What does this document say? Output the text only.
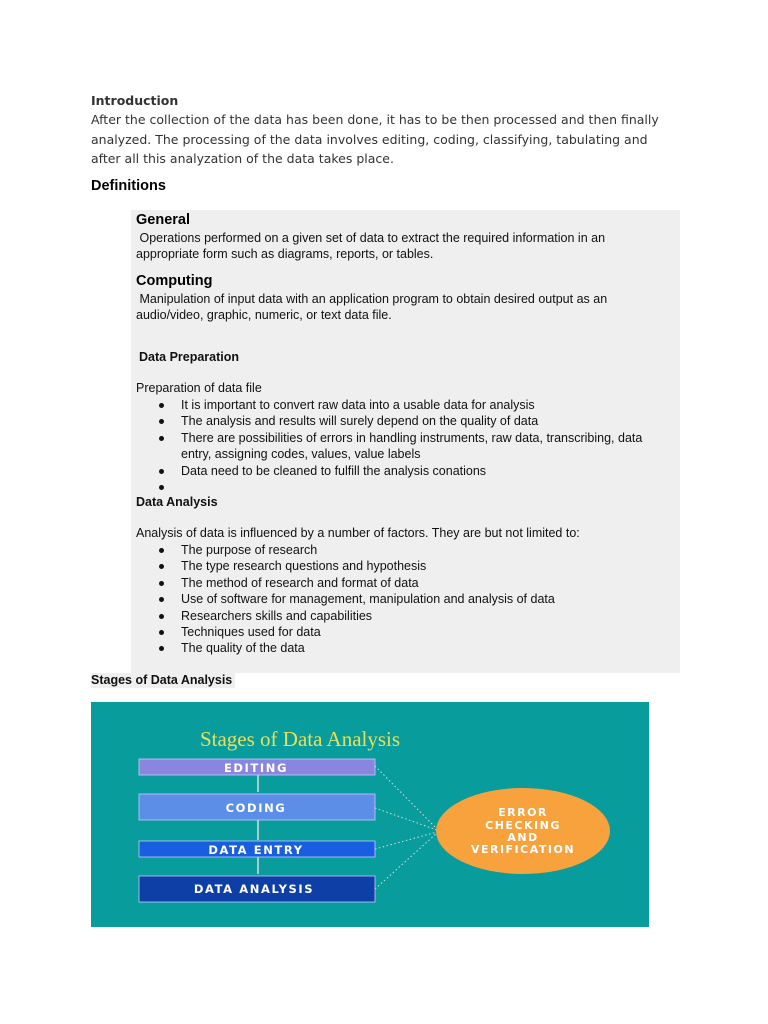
Introduction
After the collection of the data has been done, it has to be then processed and then finally
analyzed. The processing of the data involves editing, coding, classifying, tabulating and
after all this analyzation of the data takes place.
Definitions
General
Operations performed on a given set of data to extract the required information in an
appropriate form such as diagrams, reports, or tables.
Computing
Manipulation of input data with an application program to obtain desired output as an
audio/video, graphic, numeric, or text data file.
Data Preparation
Preparation of data file
It is important to convert raw data into a usable data for analysis
The analysis and results will surely depend on the quality of data
There are possibilities of errors in handling instruments, raw data, transcribing, data entry, assigning codes, values, value labels
Data need to be cleaned to fulfill the analysis conations
Data Analysis
Analysis of data is influenced by a number of factors. They are but not limited to:
The purpose of research
The type research questions and hypothesis
The method of research and format of data
Use of software for management, manipulation and analysis of data
Researchers skills and capabilities
Techniques used for data
The quality of the data
Stages of Data Analysis
Stages of Data Analysis
EDITING
CODING
DATA ENTRY
DATA ANALYSIS
ERROR
CHECKING
AND
VERIFICATION
